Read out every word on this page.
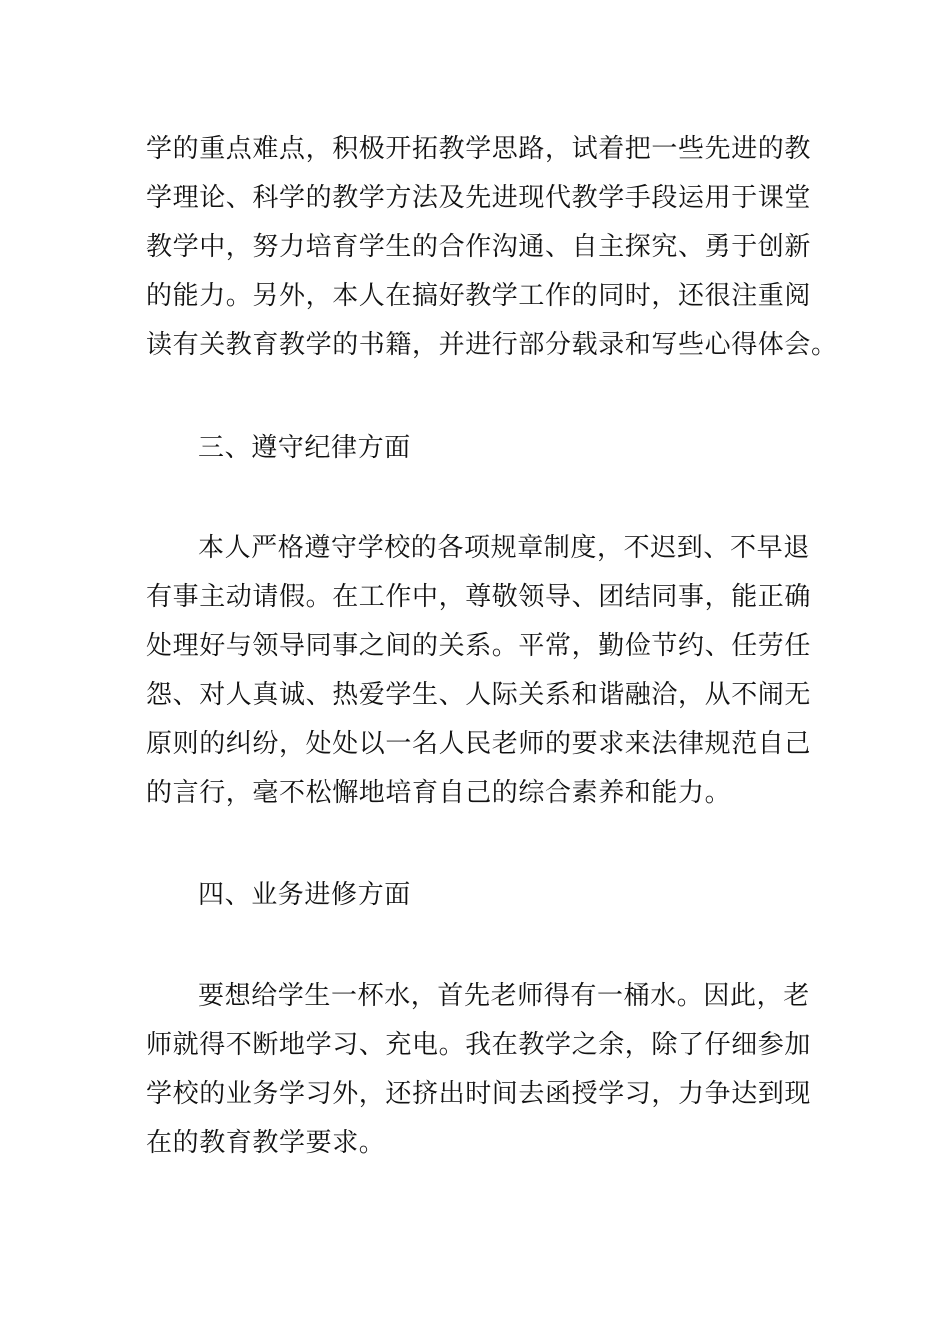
学的重点难点，积极开拓教学思路，试着把一些先进的教
学理论、科学的教学方法及先进现代教学手段运用于课堂
教学中，努力培育学生的合作沟通、自主探究、勇于创新
的能力。另外，本人在搞好教学工作的同时，还很注重阅
读有关教育教学的书籍，并进行部分载录和写些心得体会。
三、遵守纪律方面
本人严格遵守学校的各项规章制度，不迟到、不早退
有事主动请假。在工作中，尊敬领导、团结同事，能正确
处理好与领导同事之间的关系。平常，勤俭节约、任劳任
怨、对人真诚、热爱学生、人际关系和谐融洽，从不闹无
原则的纠纷，处处以一名人民老师的要求来法律规范自己
的言行，毫不松懈地培育自己的综合素养和能力。
四、业务进修方面
要想给学生一杯水，首先老师得有一桶水。因此，老
师就得不断地学习、充电。我在教学之余，除了仔细参加
学校的业务学习外，还挤出时间去函授学习，力争达到现
在的教育教学要求。
